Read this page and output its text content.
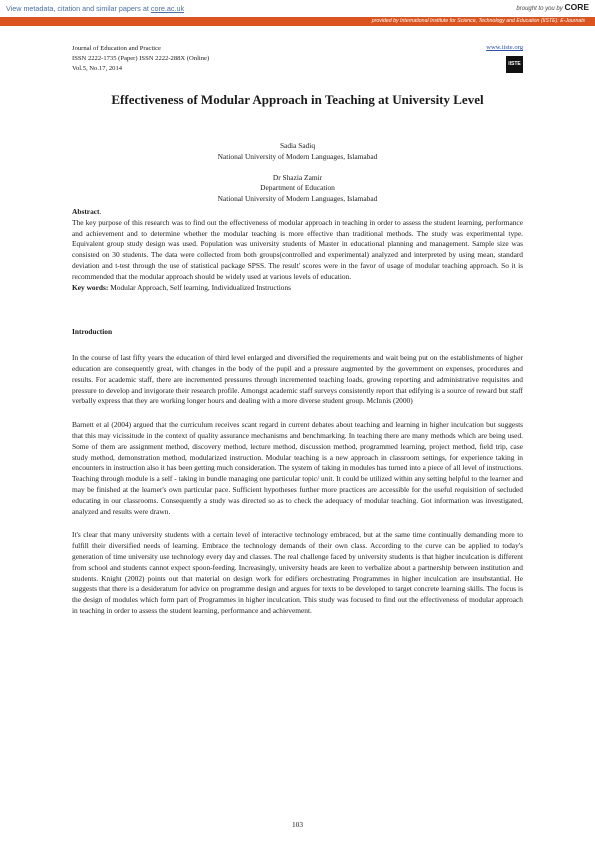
View metadata, citation and similar papers at core.ac.uk	brought to you by CORE
provided by International Institute for Science, Technology and Education (IISTE): E-Journals
Journal of Education and Practice
ISSN 2222-1735 (Paper) ISSN 2222-288X (Online)
Vol.5, No.17, 2014
www.iiste.org
IISTE
Effectiveness of Modular Approach in Teaching at University Level
Sadia Sadiq
National University of Modern Languages, Islamabad
Dr Shazia Zamir
Department of Education
National University of Modern Languages, Islamabad

Abstract.

The key purpose of this research was to find out the effectiveness of modular approach in teaching in order to assess the student learning, performance and achievement and to determine whether the modular teaching is more effective than traditional methods. The study was experimental type. Equivalent group study design was used. Population was university students of Master in educational planning and management. Sample size was consisted on 30 students. The data were collected from both groups(controlled and experimental) analyzed and interpreted by using mean, standard deviation and t-test through the use of statistical package SPSS. The result' scores were in the favor of usage of modular teaching approach. So it is recommended that the modular approach should be widely used at various levels of education.

Key words: Modular Approach, Self learning, Individualized Instructions

Introduction

In the course of last fifty years the education of third level enlarged and diversified the requirements and wait being put on the establishments of higher education are consequently great, with changes in the body of the pupil and a pressure augmented by the government on expenses, procedures and results. For academic staff, there are incremented pressures through incremented teaching loads, growing reporting and administrative requisites and pressure to develop and invigorate their research profile. Amongst academic staff surveys consistently report that edifying is a source of reward but staff verbally express that they are working longer hours and dealing with a more diverse student group. McInnis (2000)

Barnett et al (2004) argued that the curriculum receives scant regard in current debates about teaching and learning in higher inculcation but suggests that this may vicissitude in the context of quality assurance mechanisms and benchmarking. In teaching there are many methods which are being used. Some of them are assignment method, discovery method, lecture method, discussion method, programmed learning, project method, field trip, case study method, demonstration method, modularized instruction. Modular teaching is a new approach in classroom settings, for experience taking in encounters in instruction also it has been getting much consideration. The system of taking in modules has turned into a piece of all level of instructions. Teaching through module is a self - taking in bundle managing one particular topic/ unit. It could be utilized within any setting helpful to the learner and may be finished at the learner's own particular pace. Sufficient hypotheses further more practices are accessible for the useful requisition of secluded educating in our classrooms. Consequently a study was directed so as to check the adequacy of modular teaching. Got information was investigated, analyzed and results were drawn.

It's clear that many university students with a certain level of interactive technology embraced, but at the same time continually demanding more to fulfill their diversified needs of learning. Embrace the technology demands of their own class. According to the curve can be applied to today's generation of time university use technology every day and classes. The real challenge faced by university students is that higher inculcation is different from school and students cannot expect spoon-feeding. Increasingly, university heads are keen to verbalize about a partnership between institution and students. Knight (2002) points out that material on design work for edifiers orchestrating Programmes in higher inculcation are insubstantial. He suggests that there is a desideratum for advice on programme design and argues for texts to be developed to target concrete learning skills. The focus is the design of modules which form part of Programmes in higher inculcation. This study was focused to find out the effectiveness of modular approach in teaching in order to assess the student learning, performance and achievement.

103
